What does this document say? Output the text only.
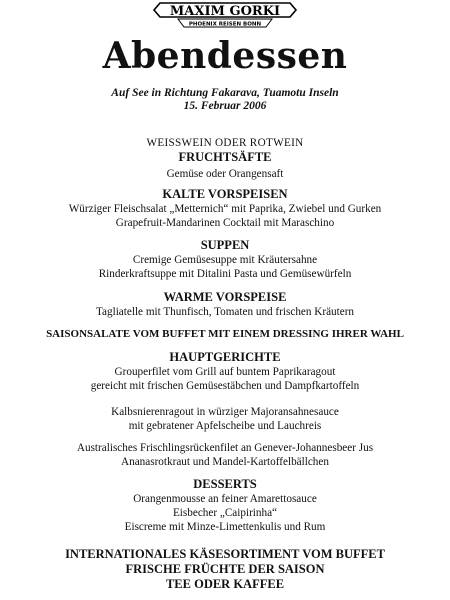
MAXIM GORKI
PHOENIX REISEN BONN
Abendessen
Auf See in Richtung Fakarava, Tuamotu Inseln
15. Februar 2006
WEISSWEIN ODER ROTWEIN
FRUCHTSÄFTE
Gemüse oder Orangensaft
KALTE VORSPEISEN
Würziger Fleischsalat „Metternich“ mit Paprika, Zwiebel und Gurken
Grapefruit-Mandarinen Cocktail mit Maraschino
SUPPEN
Cremige Gemüsesuppe mit Kräutersahne
Rinderkraftsuppe mit Ditalini Pasta und Gemüsewürfeln
WARME VORSPEISE
Tagliatelle mit Thunfisch, Tomaten und frischen Kräutern
SAISONSALATE VOM BUFFET MIT EINEM DRESSING IHRER WAHL
HAUPTGERICHTE
Grouperfilet vom Grill auf buntem Paprikaragout
gereicht mit frischen Gemüsestäbchen und Dampfkartoffeln
Kalbsnierenragout in würziger Majoransahnesauce
mit gebratener Apfelscheibe und Lauchreis
Australisches Frischlingsrückenfilet an Genever-Johannesbeer Jus
Ananasrotkraut und Mandel-Kartoffelbällchen
DESSERTS
Orangenmousse an feiner Amarettosauce
Eisbecher „Caipirinha“
Eiscreme mit Minze-Limettenkulis und Rum
INTERNATIONALES KÄSESORTIMENT VOM BUFFET
FRISCHE FRÜCHTE DER SAISON
TEE ODER KAFFEE
